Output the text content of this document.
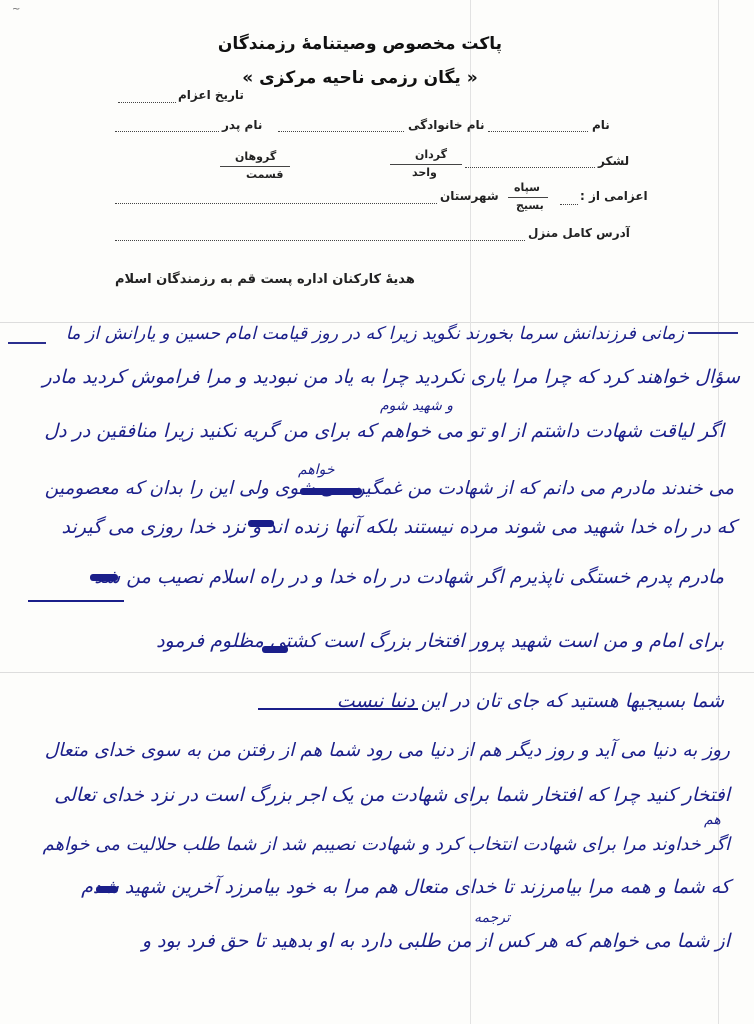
~
پاکت مخصوص وصیتنامهٔ رزمندگان
« یگان رزمی ناحیه مرکزی »
تاریخ اعزام
نام
نام خانوادگی
نام پدر
لشکر
گردان
واحد
گروهان
قسمت
اعزامی از :
سپاه
بسیج
شهرستان
آدرس کامل منزل
هدیهٔ کارکنان اداره پست قم به رزمندگان اسلام
زمانی فرزندانش سرما بخورند نگوید زیرا که در روز قیامت امام حسین و یارانش از ما
سؤال خواهند کرد که چرا مرا یاری نکردید چرا به یاد من نبودید و مرا فراموش کردید مادر
و شهید شوم
اگر لیاقت شهادت داشتم از او تو می خواهم که برای من گریه نکنید زیرا منافقین در دل
خواهم
می خندند مادرم می دانم که از شهادت من غمگین می شوی ولی این را بدان که معصومین
که در راه خدا شهید می شوند مرده نیستند بلکه آنها زنده اند و نزد خدا روزی می گیرند
مادرم پدرم خستگی ناپذیرم اگر شهادت در راه خدا و در راه اسلام نصیب من شد
برای امام و من است شهید پرور افتخار بزرگ است کشتی مظلوم فرمود
شما بسیجیها هستید که جای تان در این دنیا نیست
روز به دنیا می آید و روز دیگر هم از دنیا می رود شما هم از رفتن من به سوی خدای متعال
افتخار کنید چرا که افتخار شما برای شهادت من یک اجر بزرگ است در نزد خدای تعالی
هم
اگر خداوند مرا برای شهادت انتخاب کرد و شهادت نصیبم شد از شما طلب حلالیت می خواهم
که شما و همه مرا بیامرزند تا خدای متعال هم مرا به خود بیامرزد آخرین شهید شدم
ترجمه
از شما می خواهم که هر کس از من طلبی دارد به او بدهید تا حق فرد بود و
